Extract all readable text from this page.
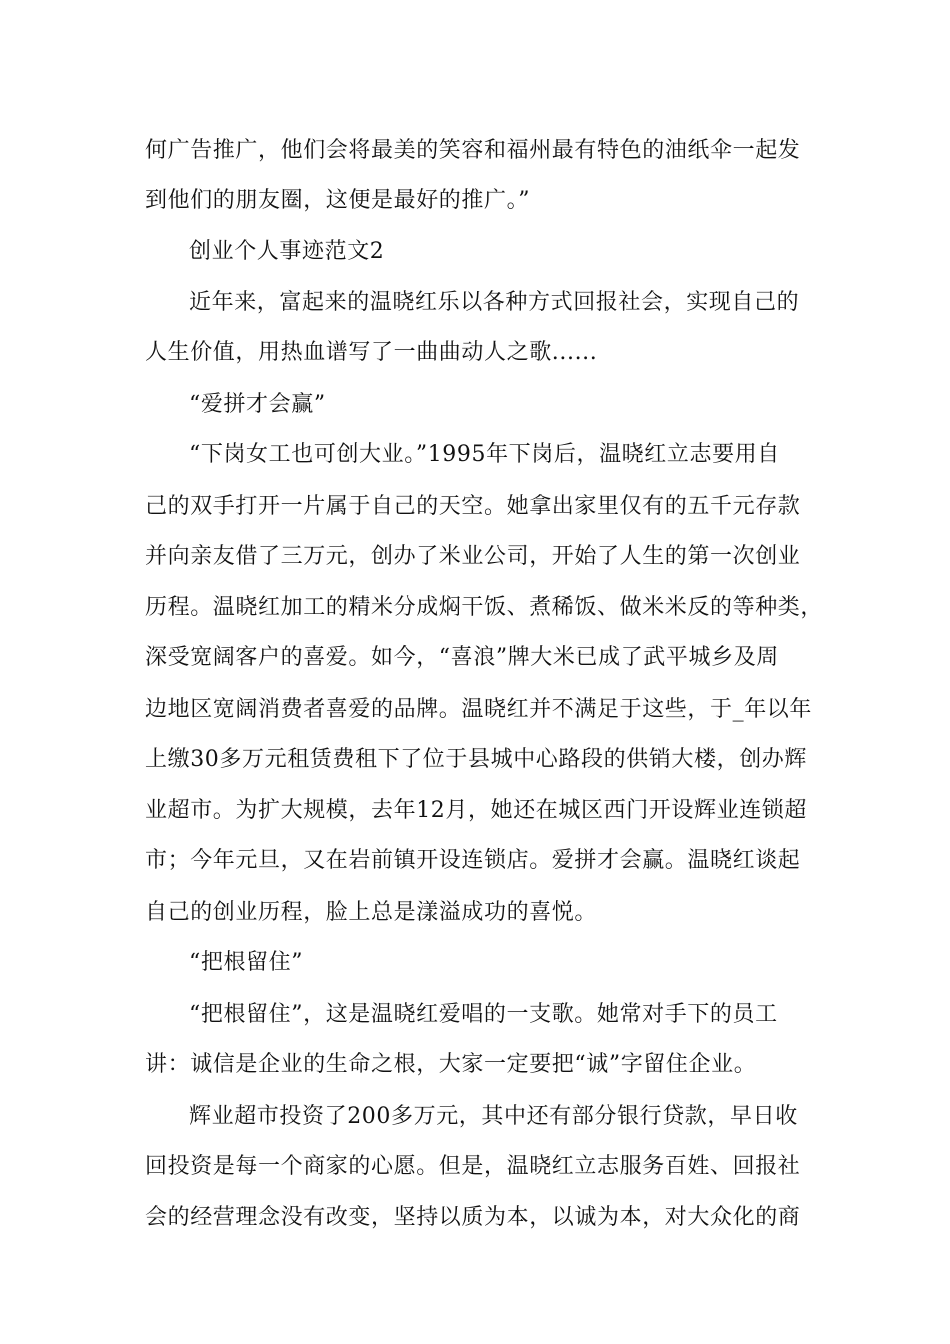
何广告推广，他们会将最美的笑容和福州最有特色的油纸伞一起发
到他们的朋友圈，这便是最好的推广。”
创业个人事迹范文2
近年来，富起来的温晓红乐以各种方式回报社会，实现自己的
人生价值，用热血谱写了一曲曲动人之歌......
“爱拼才会赢”
“下岗女工也可创大业。”1995年下岗后，温晓红立志要用自
己的双手打开一片属于自己的天空。她拿出家里仅有的五千元存款
并向亲友借了三万元，创办了米业公司，开始了人生的第一次创业
历程。温晓红加工的精米分成焖干饭、煮稀饭、做米米反的等种类，
深受宽阔客户的喜爱。如今，“喜浪”牌大米已成了武平城乡及周
边地区宽阔消费者喜爱的品牌。温晓红并不满足于这些，于_年以年
上缴30多万元租赁费租下了位于县城中心路段的供销大楼，创办辉
业超市。为扩大规模，去年12月，她还在城区西门开设辉业连锁超
市；今年元旦，又在岩前镇开设连锁店。爱拼才会赢。温晓红谈起
自己的创业历程，脸上总是漾溢成功的喜悦。
“把根留住”
“把根留住”，这是温晓红爱唱的一支歌。她常对手下的员工
讲：诚信是企业的生命之根，大家一定要把“诚”字留住企业。
辉业超市投资了200多万元，其中还有部分银行贷款，早日收
回投资是每一个商家的心愿。但是，温晓红立志服务百姓、回报社
会的经营理念没有改变，坚持以质为本，以诚为本，对大众化的商
